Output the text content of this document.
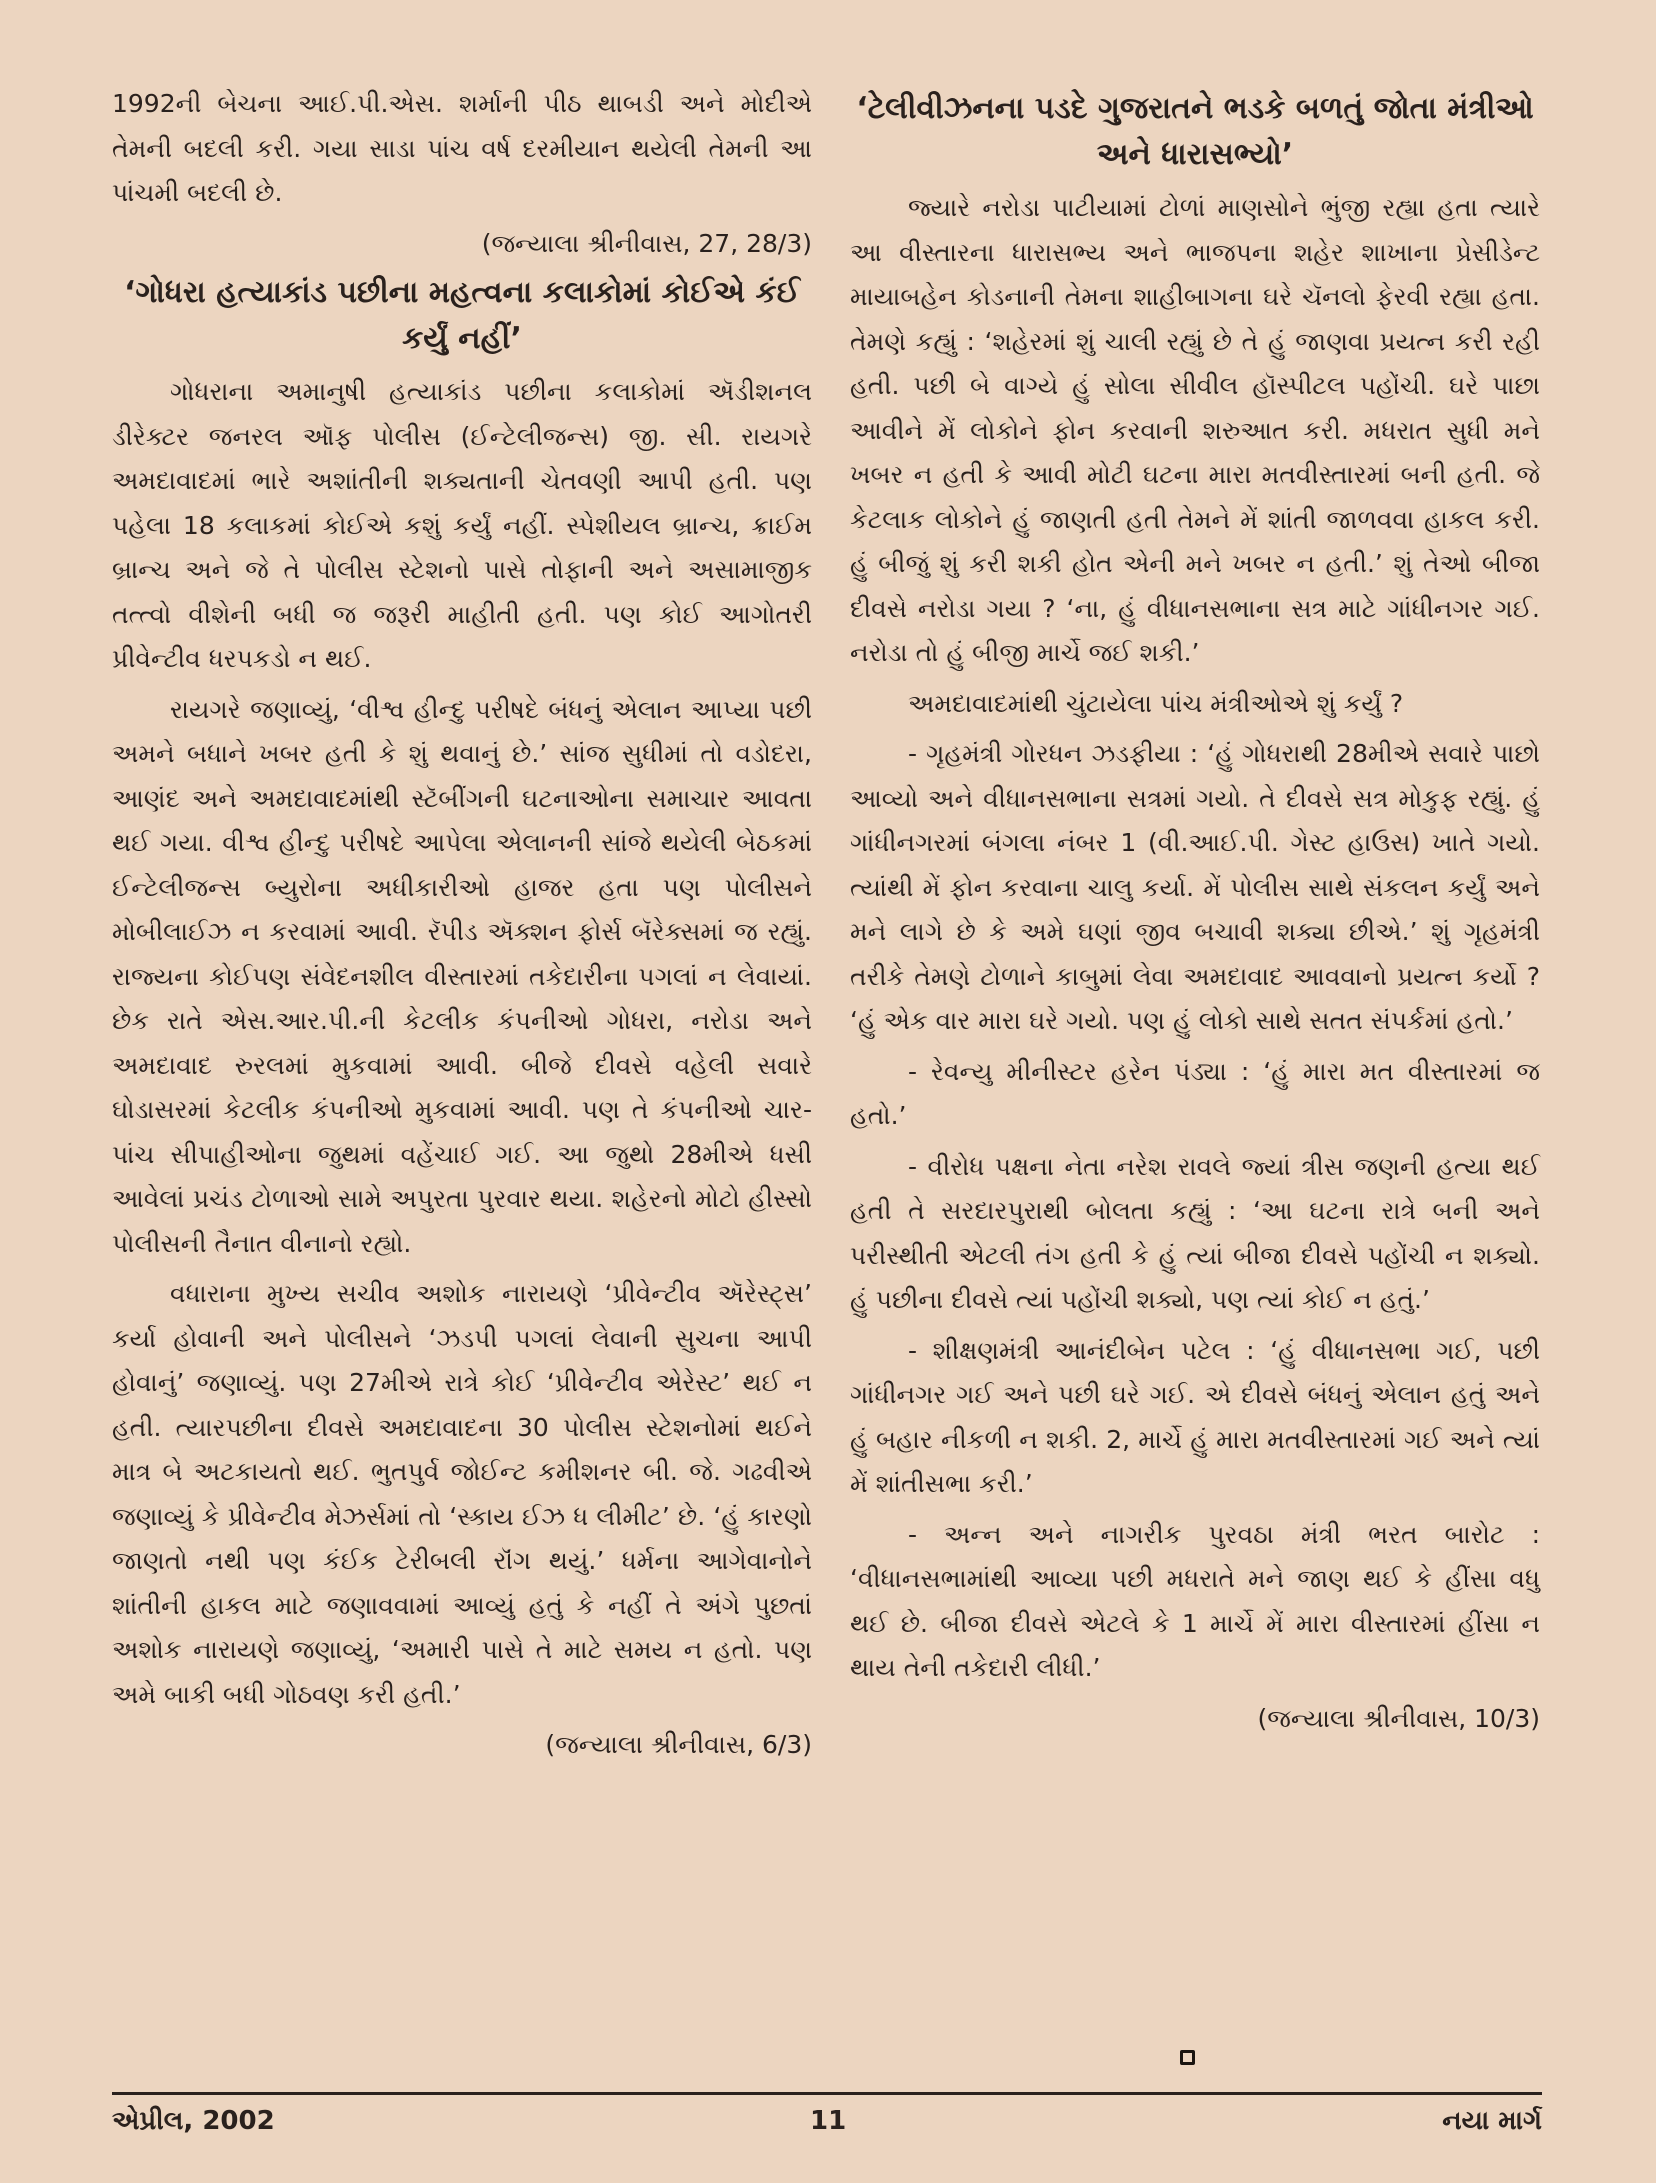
1992ની બેચના આઈ.પી.એસ. શર્માની પીઠ થાબડી અને મોદીએ તેમની બદલી કરી. ગયા સાડા પાંચ વર્ષ દરમીયાન થયેલી તેમની આ પાંચમી બદલી છે.

(જન્યાલા શ્રીનીવાસ, 27, 28/3)

‘ગોધરા હત્યાકાંડ પછીના મહત્વના કલાકોમાં કોઈએ કંઈ કર્યું નહીં’

ગોધરાના અમાનુષી હત્યાકાંડ પછીના કલાકોમાં ઍડીશનલ ડીરેક્ટર જનરલ ઑફ પોલીસ (ઈન્ટેલીજન્સ) જી. સી. રાયગરે અમદાવાદમાં ભારે અશાંતીની શક્યતાની ચેતવણી આપી હતી. પણ પહેલા 18 કલાકમાં કોઈએ કશું કર્યું નહીં. સ્પેશીયલ બ્રાન્ચ, ક્રાઈમ બ્રાન્ચ અને જે તે પોલીસ સ્ટેશનો પાસે તોફાની અને અસામાજીક તત્ત્વો વીશેની બધી જ જરૂરી માહીતી હતી. પણ કોઈ આગોતરી પ્રીવેન્ટીવ ધરપકડો ન થઈ.

રાયગરે જણાવ્યું, ‘વીશ્વ હીન્દુ પરીષદે બંધનું એલાન આપ્યા પછી અમને બધાને ખબર હતી કે શું થવાનું છે.’ સાંજ સુધીમાં તો વડોદરા, આણંદ અને અમદાવાદમાંથી સ્ટૅબીંગની ઘટનાઓના સમાચાર આવતા થઈ ગયા. વીશ્વ હીન્દુ પરીષદે આપેલા એલાનની સાંજે થયેલી બેઠકમાં ઈન્ટેલીજન્સ બ્યુરોના અધીકારીઓ હાજર હતા પણ પોલીસને મોબીલાઈઝ ન કરવામાં આવી. રૅપીડ ઍક્શન ફોર્સ બૅરેક્સમાં જ રહ્યું. રાજ્યના કોઈપણ સંવેદનશીલ વીસ્તારમાં તકેદારીના પગલાં ન લેવાયાં. છેક રાતે એસ.આર.પી.ની કેટલીક કંપનીઓ ગોધરા, નરોડા અને અમદાવાદ રુરલમાં મુકવામાં આવી. બીજે દીવસે વહેલી સવારે ઘોડાસરમાં કેટલીક કંપનીઓ મુકવામાં આવી. પણ તે કંપનીઓ ચાર-પાંચ સીપાહીઓના જુથમાં વહેંચાઈ ગઈ. આ જુથો 28મીએ ધસી આવેલાં પ્રચંડ ટોળાઓ સામે અપુરતા પુરવાર થયા. શહેરનો મોટો હીસ્સો પોલીસની તૈનાત વીનાનો રહ્યો.

વધારાના મુખ્ય સચીવ અશોક નારાયણે ‘પ્રીવેન્ટીવ ઍરેસ્ટ્સ’ કર્યા હોવાની અને પોલીસને ‘ઝડપી પગલાં લેવાની સુચના આપી હોવાનું’ જણાવ્યું. પણ 27મીએ રાત્રે કોઈ ‘પ્રીવેન્ટીવ એરેસ્ટ’ થઈ ન હતી. ત્યારપછીના દીવસે અમદાવાદના 30 પોલીસ સ્ટેશનોમાં થઈને માત્ર બે અટકાયતો થઈ. ભુતપુર્વ જોઈન્ટ કમીશનર બી. જે. ગઢવીએ જણાવ્યું કે પ્રીવેન્ટીવ મેઝર્સમાં તો ‘સ્કાય ઈઝ ધ લીમીટ’ છે. ‘હું કારણો જાણતો નથી પણ કંઈક ટેરીબલી રૉંગ થયું.’ ધર્મના આગેવાનોને શાંતીની હાકલ માટે જણાવવામાં આવ્યું હતું કે નહીં તે અંગે પુછતાં અશોક નારાયણે જણાવ્યું, ‘અમારી પાસે તે માટે સમય ન હતો. પણ અમે બાકી બધી ગોઠવણ કરી હતી.’

(જન્યાલા શ્રીનીવાસ, 6/3)

‘ટેલીવીઝનના પડદે ગુજરાતને ભડકે બળતું જોતા મંત્રીઓ અને ધારાસભ્યો’

જ્યારે નરોડા પાટીયામાં ટોળાં માણસોને ભુંજી રહ્યા હતા ત્યારે આ વીસ્તારના ધારાસભ્ય અને ભાજપના શહેર શાખાના પ્રેસીડેન્ટ માયાબહેન કોડનાની તેમના શાહીબાગના ઘરે ચૅનલો ફેરવી રહ્યા હતા. તેમણે કહ્યું : ‘શહેરમાં શું ચાલી રહ્યું છે તે હું જાણવા પ્રયત્ન કરી રહી હતી. પછી બે વાગ્યે હું સોલા સીવીલ હૉસ્પીટલ પહોંચી. ઘરે પાછા આવીને મેં લોકોને ફોન કરવાની શરુઆત કરી. મધરાત સુધી મને ખબર ન હતી કે આવી મોટી ઘટના મારા મતવીસ્તારમાં બની હતી. જે કેટલાક લોકોને હું જાણતી હતી તેમને મેં શાંતી જાળવવા હાકલ કરી. હું બીજું શું કરી શકી હોત એની મને ખબર ન હતી.’ શું તેઓ બીજા દીવસે નરોડા ગયા ? ‘ના, હું વીધાનસભાના સત્ર માટે ગાંધીનગર ગઈ. નરોડા તો હું બીજી માર્ચે જઈ શકી.’

અમદાવાદમાંથી ચુંટાયેલા પાંચ મંત્રીઓએ શું કર્યું ?

- ગૃહમંત્રી ગોરધન ઝડફીયા : ‘હું ગોધરાથી 28મીએ સવારે પાછો આવ્યો અને વીધાનસભાના સત્રમાં ગયો. તે દીવસે સત્ર મોકુફ રહ્યું. હું ગાંધીનગરમાં બંગલા નંબર 1 (વી.આઈ.પી. ગેસ્ટ હાઉસ) ખાતે ગયો. ત્યાંથી મેં ફોન કરવાના ચાલુ કર્યા. મેં પોલીસ સાથે સંકલન કર્યું અને મને લાગે છે કે અમે ઘણાં જીવ બચાવી શક્યા છીએ.’ શું ગૃહમંત્રી તરીકે તેમણે ટોળાને કાબુમાં લેવા અમદાવાદ આવવાનો પ્રયત્ન કર્યો ? ‘હું એક વાર મારા ઘરે ગયો. પણ હું લોકો સાથે સતત સંપર્કમાં હતો.’

- રેવન્યુ મીનીસ્ટર હરેન પંડ્યા : ‘હું મારા મત વીસ્તારમાં જ હતો.’

- વીરોધ પક્ષના નેતા નરેશ રાવલે જ્યાં ત્રીસ જણની હત્યા થઈ હતી તે સરદારપુરાથી બોલતા કહ્યું : ‘આ ઘટના રાત્રે બની અને પરીસ્થીતી એટલી તંગ હતી કે હું ત્યાં બીજા દીવસે પહોંચી ન શક્યો. હું પછીના દીવસે ત્યાં પહોંચી શક્યો, પણ ત્યાં કોઈ ન હતું.’

- શીક્ષણમંત્રી આનંદીબેન પટેલ : ‘હું વીધાનસભા ગઈ, પછી ગાંધીનગર ગઈ અને પછી ઘરે ગઈ. એ દીવસે બંધનું એલાન હતું અને હું બહાર નીકળી ન શકી. 2, માર્ચે હું મારા મતવીસ્તારમાં ગઈ અને ત્યાં મેં શાંતીસભા કરી.’

- અન્ન અને નાગરીક પુરવઠા મંત્રી ભરત બારોટ : ‘વીધાનસભામાંથી આવ્યા પછી મધરાતે મને જાણ થઈ કે હીંસા વધુ થઈ છે. બીજા દીવસે એટલે કે 1 માર્ચે મેં મારા વીસ્તારમાં હીંસા ન થાય તેની તકેદારી લીધી.’

(જન્યાલા શ્રીનીવાસ, 10/3)

એપ્રીલ, 2002	11	નયા માર્ગ
